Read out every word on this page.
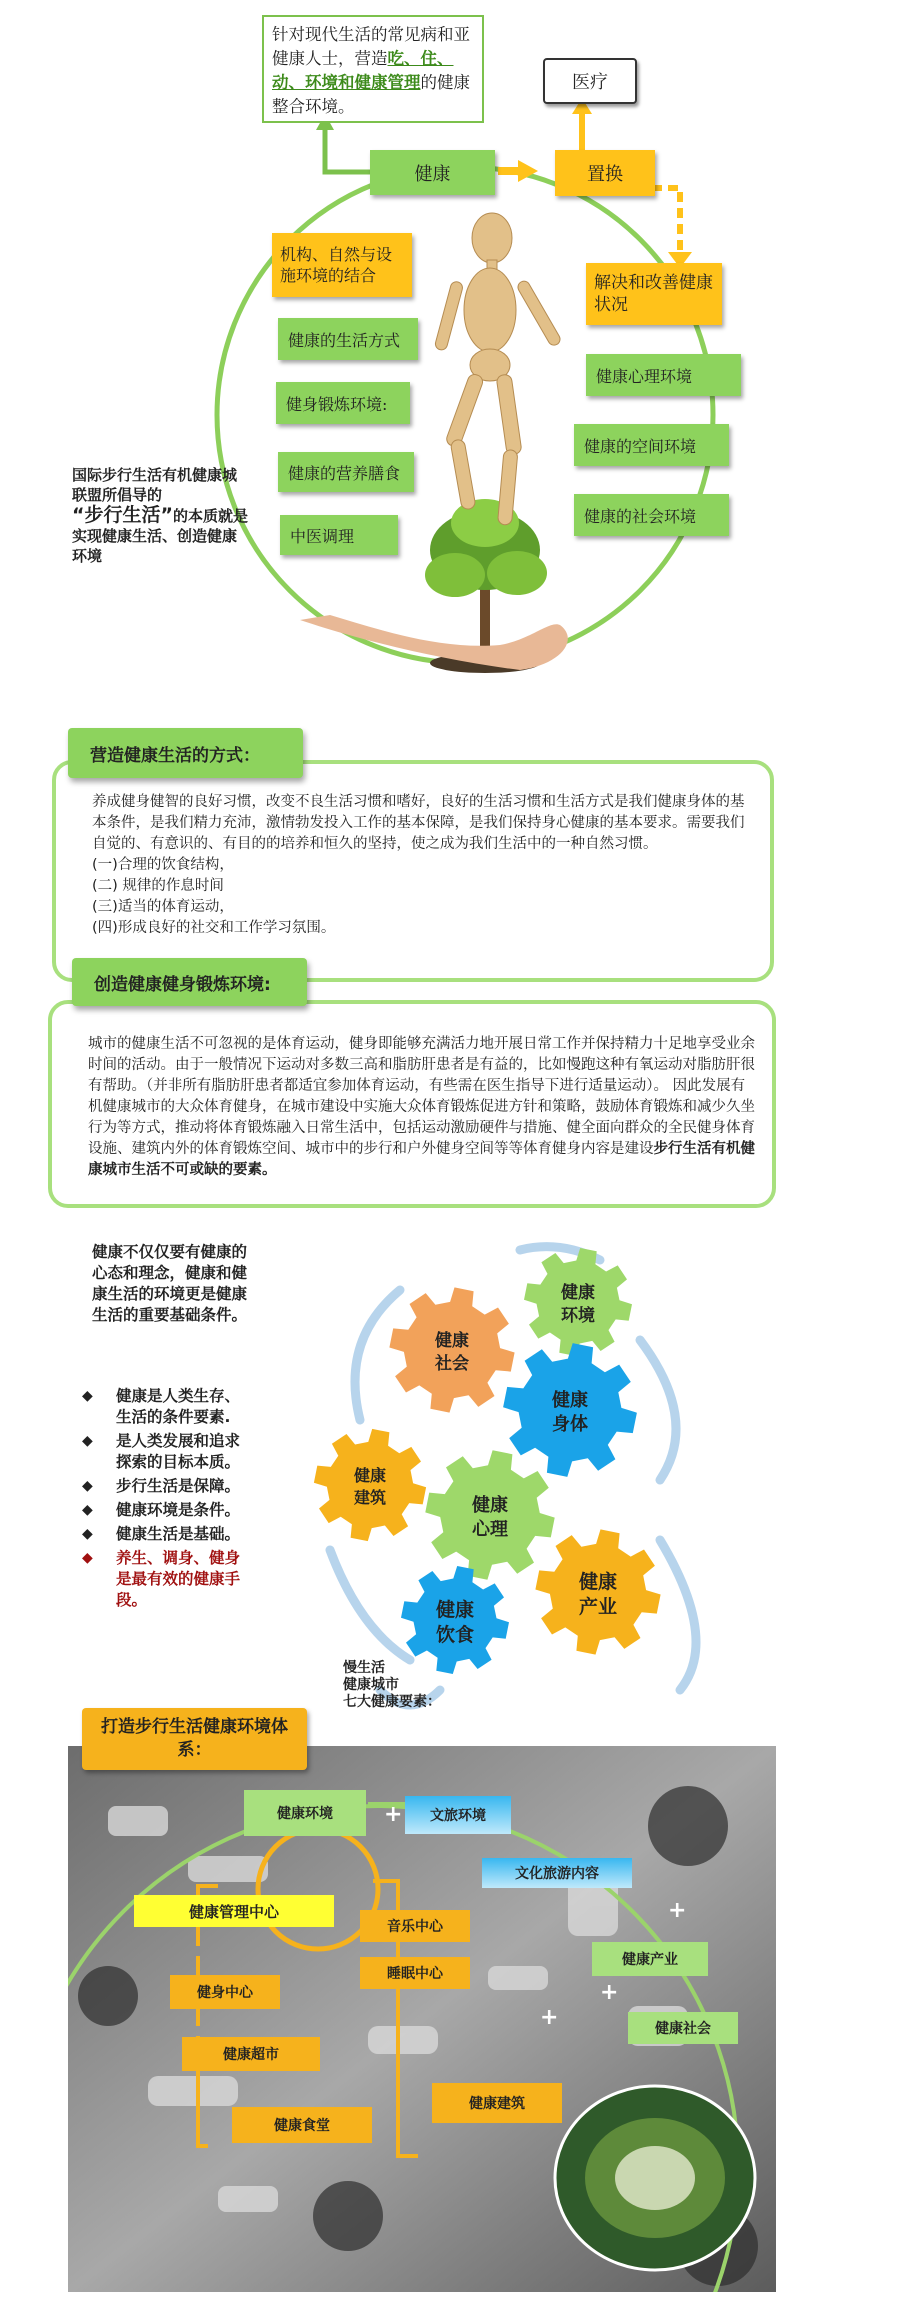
针对现代生活的常见病和亚健康人士，营造吃、住、动、环境和健康管理的健康整合环境。
医疗
健康	置换
解决和改善健康状况
机构、自然与设施环境的结合
健康的生活方式
健身锻炼环境:
健康的营养膳食
中医调理
健康心理环境
健康的空间环境
健康的社会环境
国际步行生活有机健康城联盟所倡导的
“步行生活”的本质就是实现健康生活、创造健康环境
营造健康生活的方式：

养成健身健智的良好习惯，改变不良生活习惯和嗜好，良好的生活习惯和生活方式是我们健康身体的基本条件，是我们精力充沛，激情勃发投入工作的基本保障，是我们保持身心健康的基本要求。需要我们自觉的、有意识的、有目的的培养和恒久的坚持，使之成为我们生活中的一种自然习惯。

(一)合理的饮食结构，

(二) 规律的作息时间

(三)适当的体育运动，

(四)形成良好的社交和工作学习氛围。

创造健康健身锻炼环境:
城市的健康生活不可忽视的是体育运动，健身即能够充满活力地开展日常工作并保持精力十足地享受业余时间的活动。由于一般情况下运动对多数三高和脂肪肝患者是有益的，比如慢跑这种有氧运动对脂肪肝很有帮助。（并非所有脂肪肝患者都适宜参加体育运动，有些需在医生指导下进行适量运动）。 因此发展有机健康城市的大众体育健身，在城市建设中实施大众体育锻炼促进方针和策略，鼓励体育锻炼和减少久坐行为等方式，推动将体育锻炼融入日常生活中，包括运动激励硬件与措施、健全面向群众的全民健身体育设施、建筑内外的体育锻炼空间、城市中的步行和户外健身空间等等体育健身内容是建设步行生活有机健康城市生活不可或缺的要素。
健康不仅仅要有健康的心态和理念，健康和健康生活的环境更是健康生活的重要基础条件。
◆ 健康是人类生存、生活的条件要素.
◆ 是人类发展和追求探索的目标本质。
◆ 步行生活是保障。
◆ 健康环境是条件。
◆ 健康生活是基础。
◆ 养生、调身、健身是最有效的健康手段。
健康
社会
健康
环境
健康
身体
健康
建筑	健康
心理
健康
产业
健康
饮食
慢生活
健康城市
七大健康要素：
打造步行生活健康环境体系：
健康环境	文旅环境
文化旅游内容
健康管理中心
音乐中心
睡眠中心
健身中心
健康产业
健康超市
健康社会
健康食堂
健康建筑
+
+
+
+
